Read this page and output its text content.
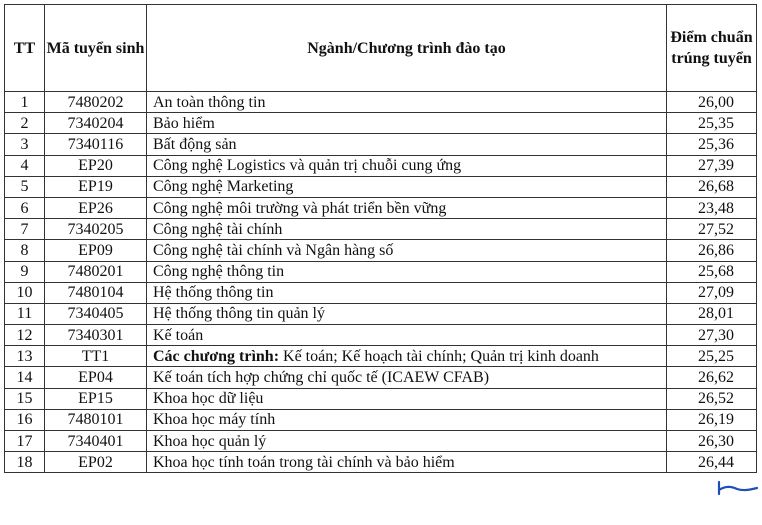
TT	Mã tuyển sinh	Ngành/Chương trình đào tạo	Điểm chuẩn trúng tuyển
1	7480202	An toàn thông tin	26,00
2	7340204	Bảo hiểm	25,35
3	7340116	Bất động sản	25,36
4	EP20	Công nghệ Logistics và quản trị chuỗi cung ứng	27,39
5	EP19	Công nghệ Marketing	26,68
6	EP26	Công nghệ môi trường và phát triển bền vững	23,48
7	7340205	Công nghệ tài chính	27,52
8	EP09	Công nghệ tài chính và Ngân hàng số	26,86
9	7480201	Công nghệ thông tin	25,68
10	7480104	Hệ thống thông tin	27,09
11	7340405	Hệ thống thông tin quản lý	28,01
12	7340301	Kế toán	27,30
13	TT1	Các chương trình: Kế toán; Kế hoạch tài chính; Quản trị kinh doanh	25,25
14	EP04	Kế toán tích hợp chứng chỉ quốc tế (ICAEW CFAB)	26,62
15	EP15	Khoa học dữ liệu	26,52
16	7480101	Khoa học máy tính	26,19
17	7340401	Khoa học quản lý	26,30
18	EP02	Khoa học tính toán trong tài chính và bảo hiểm	26,44
